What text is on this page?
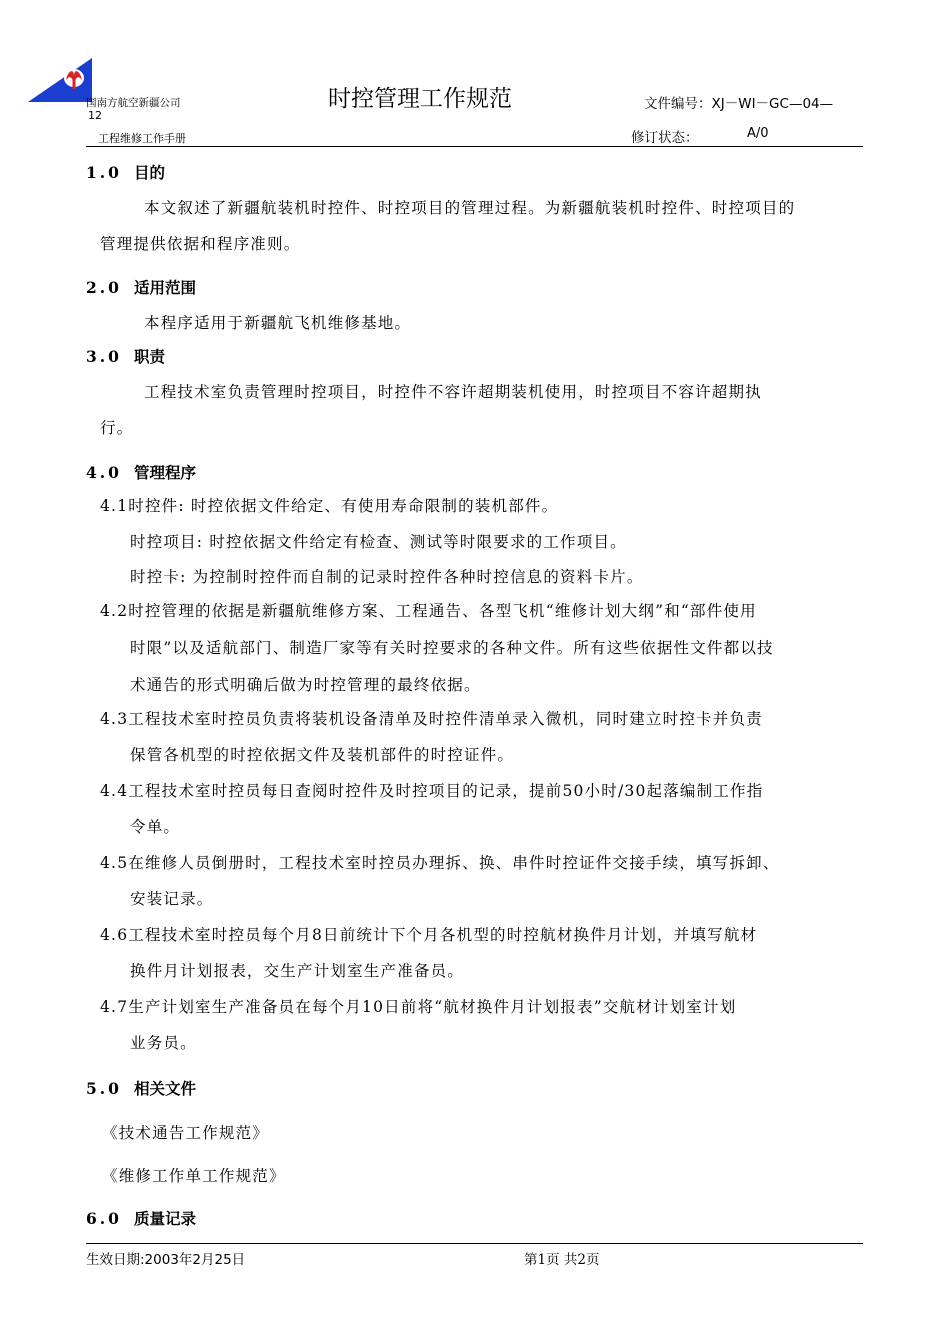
国南方航空新疆公司
12
时控管理工作规范	文件编号：XJ－WI－GC—04—
工程维修工作手册	修订状态：	A/0
1.0 目的
本文叙述了新疆航装机时控件、时控项目的管理过程。为新疆航装机时控件、时控项目的
管理提供依据和程序准则。
2.0 适用范围
本程序适用于新疆航飞机维修基地。
3.0 职责
工程技术室负责管理时控项目，时控件不容许超期装机使用，时控项目不容许超期执
行。
4.0 管理程序
4.1时控件: 时控依据文件给定、有使用寿命限制的装机部件。
时控项目: 时控依据文件给定有检查、测试等时限要求的工作项目。
时控卡: 为控制时控件而自制的记录时控件各种时控信息的资料卡片。
4.2时控管理的依据是新疆航维修方案、工程通告、各型飞机“维修计划大纲”和“部件使用
时限”以及适航部门、制造厂家等有关时控要求的各种文件。所有这些依据性文件都以技
术通告的形式明确后做为时控管理的最终依据。
4.3工程技术室时控员负责将装机设备清单及时控件清单录入微机，同时建立时控卡并负责
保管各机型的时控依据文件及装机部件的时控证件。
4.4工程技术室时控员每日查阅时控件及时控项目的记录，提前50小时/30起落编制工作指
令单。
4.5在维修人员倒册时，工程技术室时控员办理拆、换、串件时控证件交接手续，填写拆卸、
安装记录。
4.6工程技术室时控员每个月8日前统计下个月各机型的时控航材换件月计划，并填写航材
换件月计划报表，交生产计划室生产准备员。
4.7生产计划室生产准备员在每个月10日前将“航材换件月计划报表”交航材计划室计划
业务员。
5.0 相关文件
《技术通告工作规范》
《维修工作单工作规范》
6.0 质量记录
生效日期:2003年2月25日	第1页 共2页
